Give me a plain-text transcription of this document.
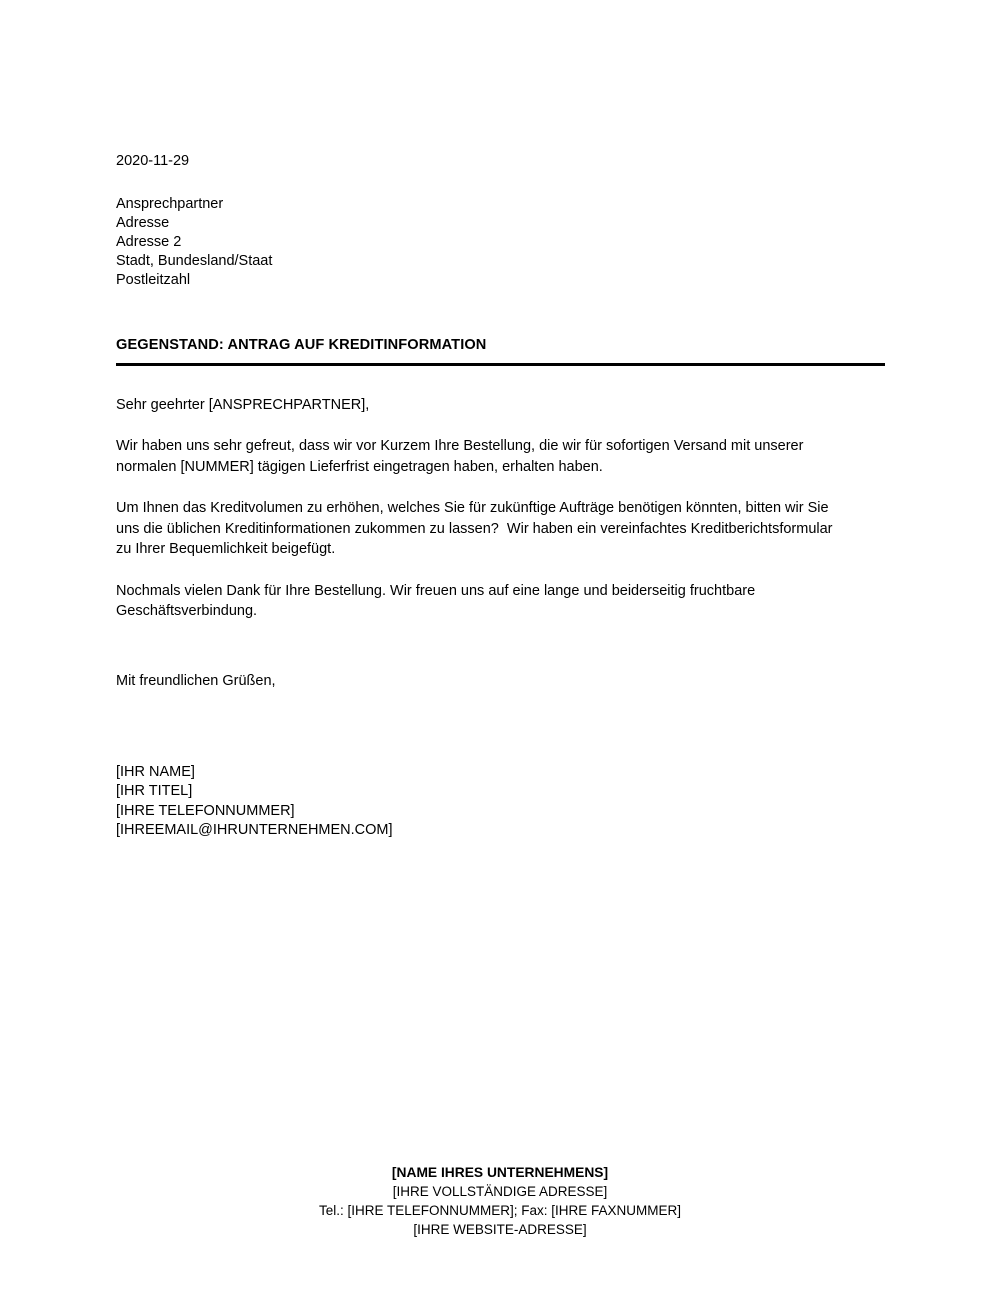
2020-11-29
Ansprechpartner
Adresse
Adresse 2
Stadt, Bundesland/Staat
Postleitzahl
GEGENSTAND: ANTRAG AUF KREDITINFORMATION
Sehr geehrter [ANSPRECHPARTNER],
Wir haben uns sehr gefreut, dass wir vor Kurzem Ihre Bestellung, die wir für sofortigen Versand mit unserer normalen [NUMMER] tägigen Lieferfrist eingetragen haben, erhalten haben.
Um Ihnen das Kreditvolumen zu erhöhen, welches Sie für zukünftige Aufträge benötigen könnten, bitten wir Sie uns die üblichen Kreditinformationen zukommen zu lassen?  Wir haben ein vereinfachtes Kreditberichtsformular zu Ihrer Bequemlichkeit beigefügt.
Nochmals vielen Dank für Ihre Bestellung. Wir freuen uns auf eine lange und beiderseitig fruchtbare Geschäftsverbindung.
Mit freundlichen Grüßen,
[IHR NAME]
[IHR TITEL]
[IHRE TELEFONNUMMER]
[IHREEMAIL@IHRUNTERNEHMEN.COM]
[NAME IHRES UNTERNEHMENS]
[IHRE VOLLSTÄNDIGE ADRESSE]
Tel.: [IHRE TELEFONNUMMER]; Fax: [IHRE FAXNUMMER]
[IHRE WEBSITE-ADRESSE]
